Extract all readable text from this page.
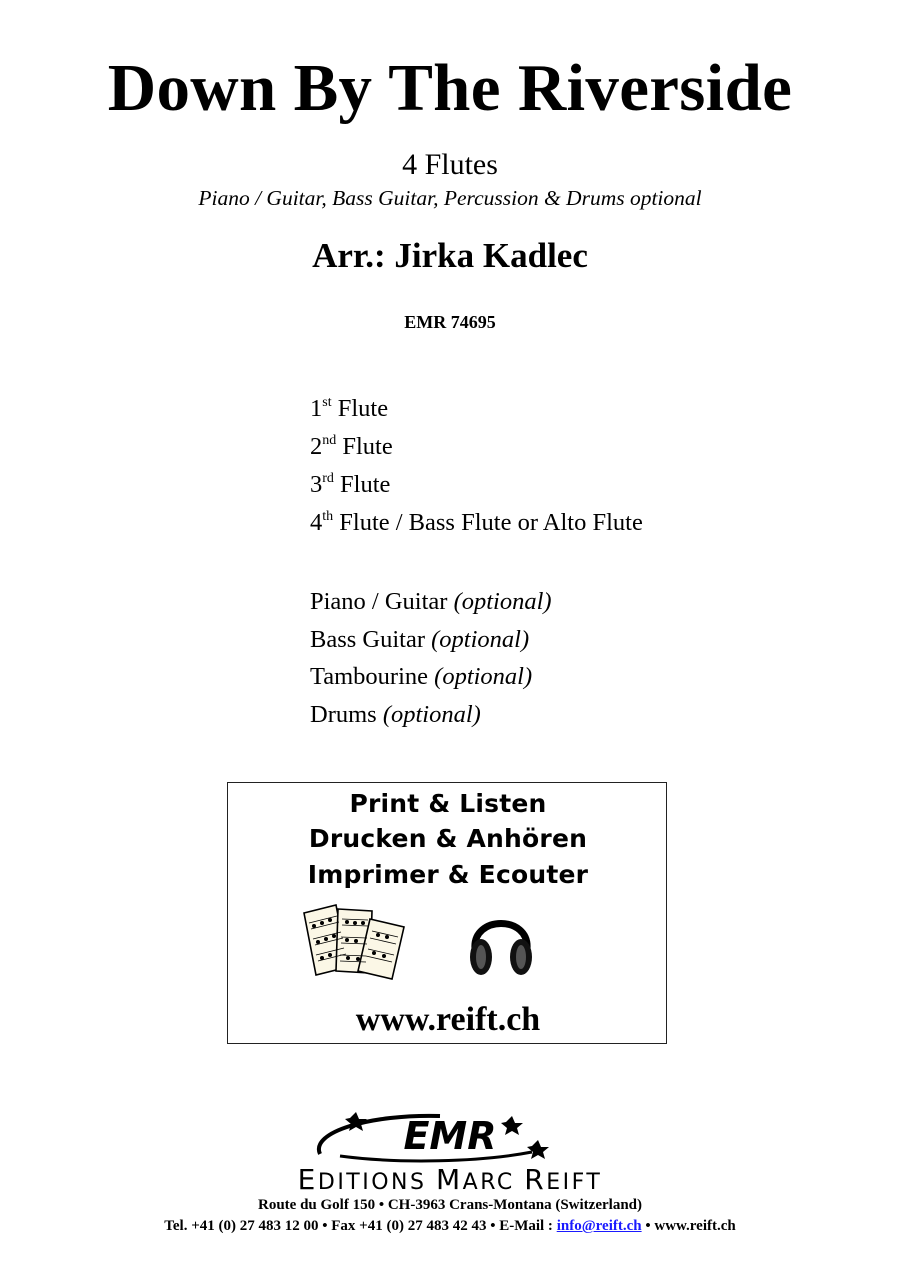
Down By The Riverside
4 Flutes
Piano / Guitar, Bass Guitar, Percussion & Drums optional
Arr.: Jirka Kadlec
EMR 74695
1st Flute
2nd Flute
3rd Flute
4th Flute / Bass Flute or Alto Flute
Piano / Guitar (optional)
Bass Guitar (optional)
Tambourine (optional)
Drums (optional)
Print & Listen
Drucken & Anhören
Imprimer & Ecouter
www.reift.ch
EMR
EDITIONS MARC REIFT
Route du Golf 150 • CH-3963 Crans-Montana (Switzerland)
Tel. +41 (0) 27 483 12 00 • Fax +41 (0) 27 483 42 43 • E-Mail : info@reift.ch • www.reift.ch
